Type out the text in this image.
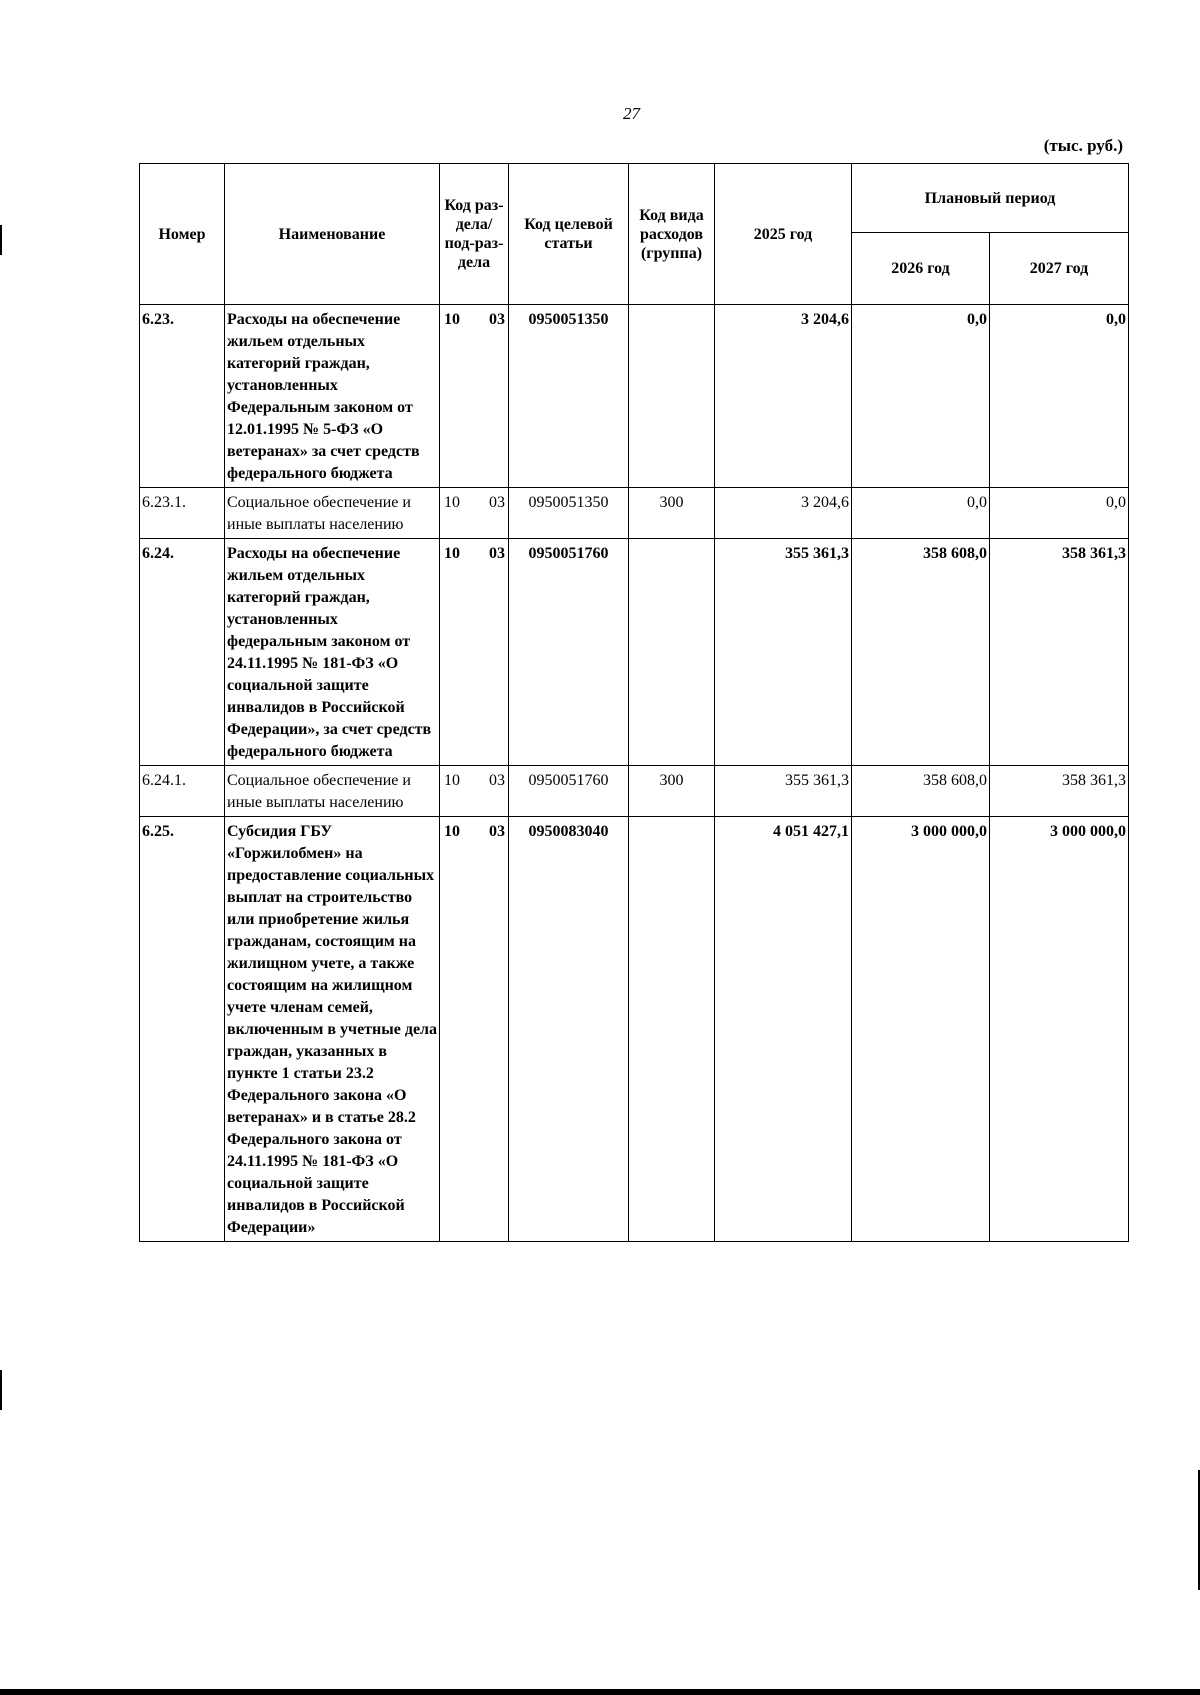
27
(тыс. руб.)
Номер	Наименование	Код раз-дела/ под-раз-дела	Код целевой статьи	Код вида расходов (группа)	2025 год	Плановый период	
						2026 год	2027 год
6.23.	Расходы на обеспечение жильем отдельных категорий граждан, установленных Федеральным законом от 12.01.1995 № 5-ФЗ «О ветеранах» за счет средств федерального бюджета	10 03	0950051350		3 204,6	0,0	0,0
6.23.1.	Социальное обеспечение и иные выплаты населению	10 03	0950051350	300	3 204,6	0,0	0,0
6.24.	Расходы на обеспечение жильем отдельных категорий граждан, установленных федеральным законом от 24.11.1995 № 181-ФЗ «О социальной защите инвалидов в Российской Федерации», за счет средств федерального бюджета	10 03	0950051760		355 361,3	358 608,0	358 361,3
6.24.1.	Социальное обеспечение и иные выплаты населению	10 03	0950051760	300	355 361,3	358 608,0	358 361,3
6.25.	Субсидия ГБУ «Горжилобмен» на предоставление социальных выплат на строительство или приобретение жилья гражданам, состоящим на жилищном учете, а также состоящим на жилищном учете членам семей, включенным в учетные дела граждан, указанных в пункте 1 статьи 23.2 Федерального закона «О ветеранах» и в статье 28.2 Федерального закона от 24.11.1995 № 181-ФЗ «О социальной защите инвалидов в Российской Федерации»	10 03	0950083040		4 051 427,1	3 000 000,0	3 000 000,0
